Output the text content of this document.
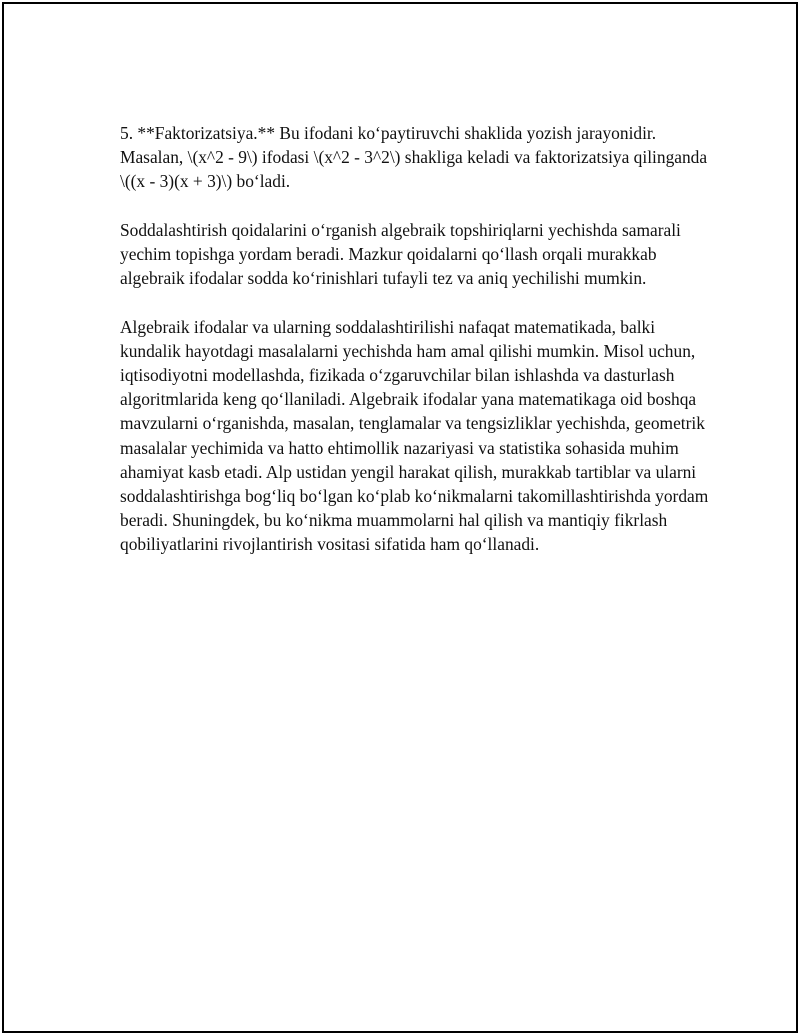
5. **Faktorizatsiya.** Bu ifodani ko‘paytiruvchi shaklida yozish jarayonidir. Masalan, \(x^2 - 9\) ifodasi \(x^2 - 3^2\) shakliga keladi va faktorizatsiya qilinganda \((x - 3)(x + 3)\) bo‘ladi.

Soddalashtirish qoidalarini o‘rganish algebraik topshiriqlarni yechishda samarali yechim topishga yordam beradi. Mazkur qoidalarni qo‘llash orqali murakkab algebraik ifodalar sodda ko‘rinishlari tufayli tez va aniq yechilishi mumkin.

Algebraik ifodalar va ularning soddalashtirilishi nafaqat matematikada, balki kundalik hayotdagi masalalarni yechishda ham amal qilishi mumkin. Misol uchun, iqtisodiyotni modellashda, fizikada o‘zgaruvchilar bilan ishlashda va dasturlash algoritmlarida keng qo‘llaniladi. Algebraik ifodalar yana matematikaga oid boshqa mavzularni o‘rganishda, masalan, tenglamalar va tengsizliklar yechishda, geometrik masalalar yechimida va hatto ehtimollik nazariyasi va statistika sohasida muhim ahamiyat kasb etadi. Alp ustidan yengil harakat qilish, murakkab tartiblar va ularni soddalashtirishga bog‘liq bo‘lgan ko‘plab ko‘nikmalarni takomillashtirishda yordam beradi. Shuningdek, bu ko‘nikma muammolarni hal qilish va mantiqiy fikrlash qobiliyatlarini rivojlantirish vositasi sifatida ham qo‘llanadi.
